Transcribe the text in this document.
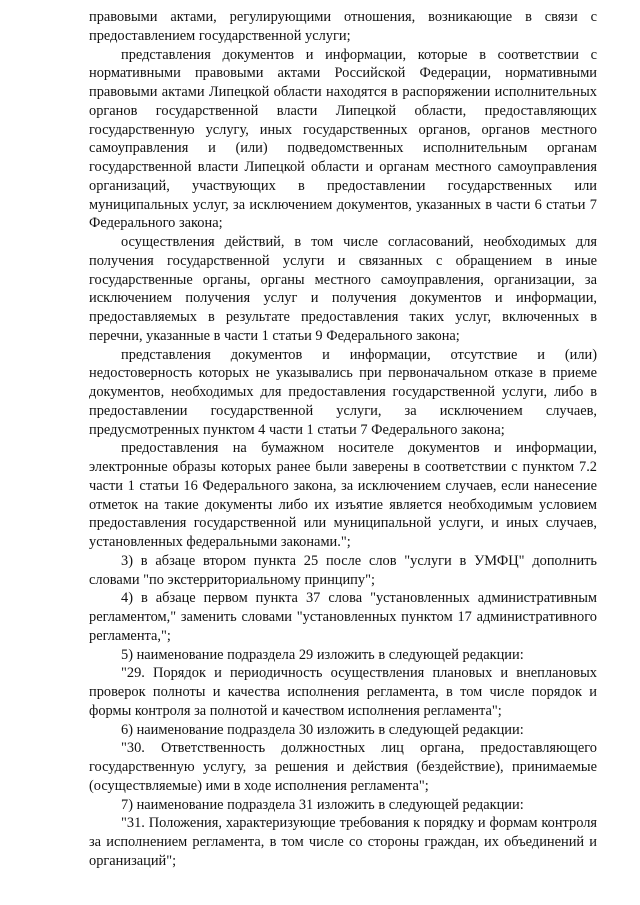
правовыми актами, регулирующими отношения, возникающие в связи с предоставлением государственной услуги;

представления документов и информации, которые в соответствии с нормативными правовыми актами Российской Федерации, нормативными правовыми актами Липецкой области находятся в распоряжении исполнительных органов государственной власти Липецкой области, предоставляющих государственную услугу, иных государственных органов, органов местного самоуправления и (или) подведомственных исполнительным органам государственной власти Липецкой области и органам местного самоуправления организаций, участвующих в предоставлении государственных или муниципальных услуг, за исключением документов, указанных в части 6 статьи 7 Федерального закона;

осуществления действий, в том числе согласований, необходимых для получения государственной услуги и связанных с обращением в иные государственные органы, органы местного самоуправления, организации, за исключением получения услуг и получения документов и информации, предоставляемых в результате предоставления таких услуг, включенных в перечни, указанные в части 1 статьи 9 Федерального закона;

представления документов и информации, отсутствие и (или) недостоверность которых не указывались при первоначальном отказе в приеме документов, необходимых для предоставления государственной услуги, либо в предоставлении государственной услуги, за исключением случаев, предусмотренных пунктом 4 части 1 статьи 7 Федерального закона;

предоставления на бумажном носителе документов и информации, электронные образы которых ранее были заверены в соответствии с пунктом 7.2 части 1 статьи 16 Федерального закона, за исключением случаев, если нанесение отметок на такие документы либо их изъятие является необходимым условием предоставления государственной или муниципальной услуги, и иных случаев, установленных федеральными законами.";

3) в абзаце втором пункта 25 после слов "услуги в УМФЦ" дополнить словами "по экстерриториальному принципу";

4) в абзаце первом пункта 37 слова "установленных административным регламентом," заменить словами "установленных пунктом 17 административного регламента,";

5) наименование подраздела 29 изложить в следующей редакции:

"29. Порядок и периодичность осуществления плановых и внеплановых проверок полноты и качества исполнения регламента, в том числе порядок и формы контроля за полнотой и качеством исполнения регламента";

6) наименование подраздела 30 изложить в следующей редакции:

"30. Ответственность должностных лиц органа, предоставляющего государственную услугу, за решения и действия (бездействие), принимаемые (осуществляемые) ими в ходе исполнения регламента";

7) наименование подраздела 31 изложить в следующей редакции:

"31. Положения, характеризующие требования к порядку и формам контроля за исполнением регламента, в том числе со стороны граждан, их объединений и организаций";
